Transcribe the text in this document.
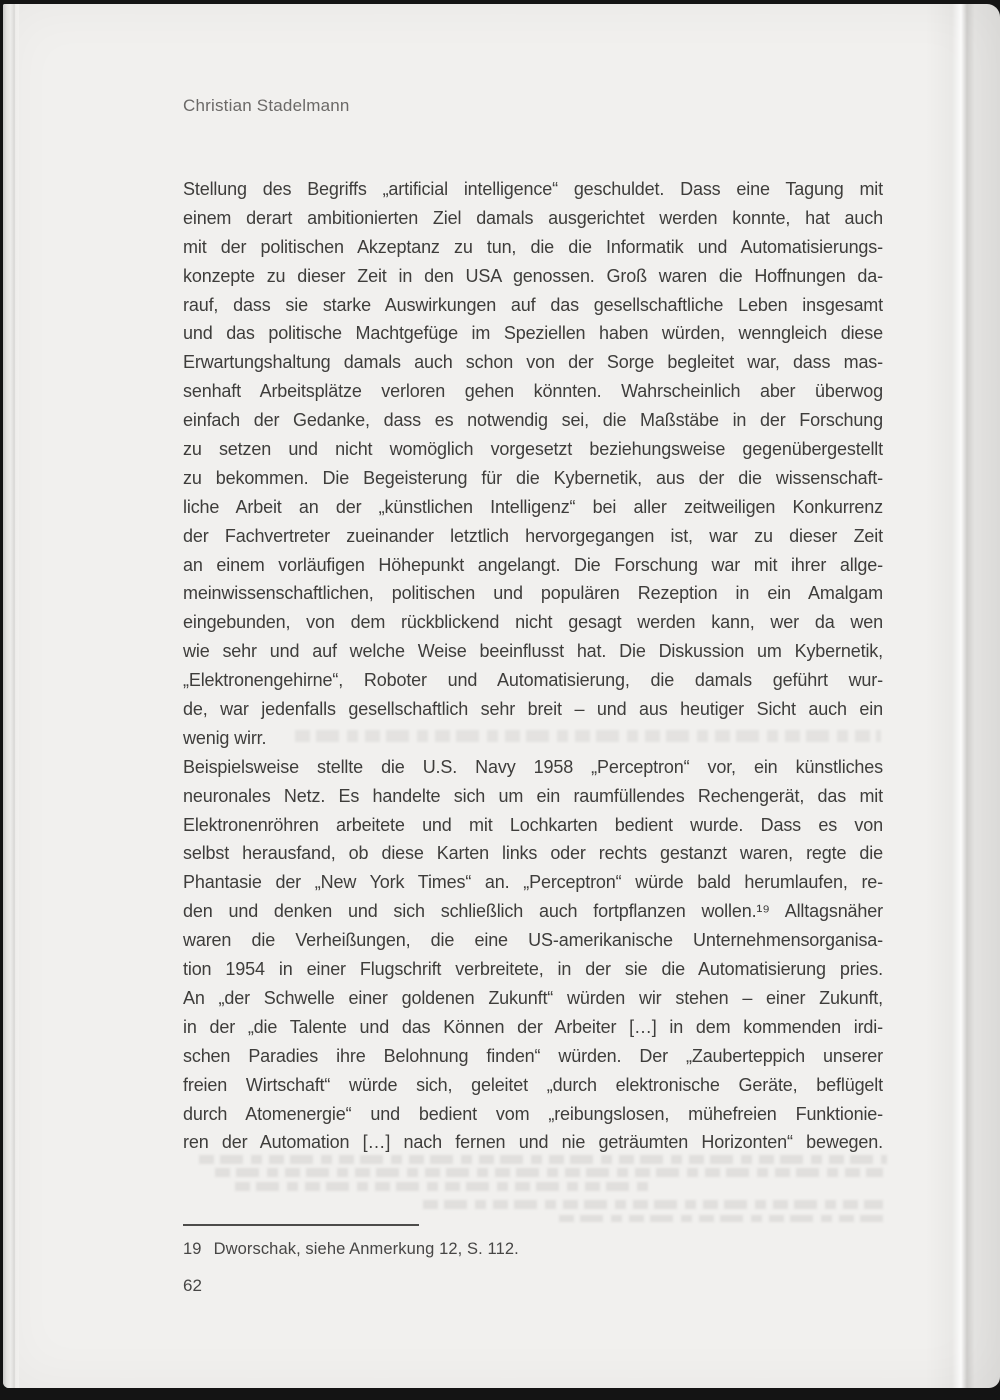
Christian Stadelmann
Stellung des Begriffs „artificial intelligence“ geschuldet. Dass eine Tagung mit
einem derart ambitionierten Ziel damals ausgerichtet werden konnte, hat auch
mit der politischen Akzeptanz zu tun, die die Informatik und Automatisierungs-
konzepte zu dieser Zeit in den USA genossen. Groß waren die Hoffnungen da-
rauf, dass sie starke Auswirkungen auf das gesellschaftliche Leben insgesamt
und das politische Machtgefüge im Speziellen haben würden, wenngleich diese
Erwartungshaltung damals auch schon von der Sorge begleitet war, dass mas-
senhaft Arbeitsplätze verloren gehen könnten. Wahrscheinlich aber überwog
einfach der Gedanke, dass es notwendig sei, die Maßstäbe in der Forschung
zu setzen und nicht womöglich vorgesetzt beziehungsweise gegenübergestellt
zu bekommen. Die Begeisterung für die Kybernetik, aus der die wissenschaft-
liche Arbeit an der „künstlichen Intelligenz“ bei aller zeitweiligen Konkurrenz
der Fachvertreter zueinander letztlich hervorgegangen ist, war zu dieser Zeit
an einem vorläufigen Höhepunkt angelangt. Die Forschung war mit ihrer allge-
meinwissenschaftlichen, politischen und populären Rezeption in ein Amalgam
eingebunden, von dem rückblickend nicht gesagt werden kann, wer da wen
wie sehr und auf welche Weise beeinflusst hat. Die Diskussion um Kybernetik,
„Elektronengehirne“, Roboter und Automatisierung, die damals geführt wur-
de, war jedenfalls gesellschaftlich sehr breit – und aus heutiger Sicht auch ein
wenig wirr.
Beispielsweise stellte die U.S. Navy 1958 „Perceptron“ vor, ein künstliches
neuronales Netz. Es handelte sich um ein raumfüllendes Rechengerät, das mit
Elektronenröhren arbeitete und mit Lochkarten bedient wurde. Dass es von
selbst herausfand, ob diese Karten links oder rechts gestanzt waren, regte die
Phantasie der „New York Times“ an. „Perceptron“ würde bald herumlaufen, re-
den und denken und sich schließlich auch fortpflanzen wollen.¹⁹ Alltagsnäher
waren die Verheißungen, die eine US-amerikanische Unternehmensorganisa-
tion 1954 in einer Flugschrift verbreitete, in der sie die Automatisierung pries.
An „der Schwelle einer goldenen Zukunft“ würden wir stehen – einer Zukunft,
in der „die Talente und das Können der Arbeiter […] in dem kommenden irdi-
schen Paradies ihre Belohnung finden“ würden. Der „Zauberteppich unserer
freien Wirtschaft“ würde sich, geleitet „durch elektronische Geräte, beflügelt
durch Atomenergie“ und bedient vom „reibungslosen, mühefreien Funktionie-
ren der Automation […] nach fernen und nie geträumten Horizonten“ bewegen.
19 Dworschak, siehe Anmerkung 12, S. 112.
62
